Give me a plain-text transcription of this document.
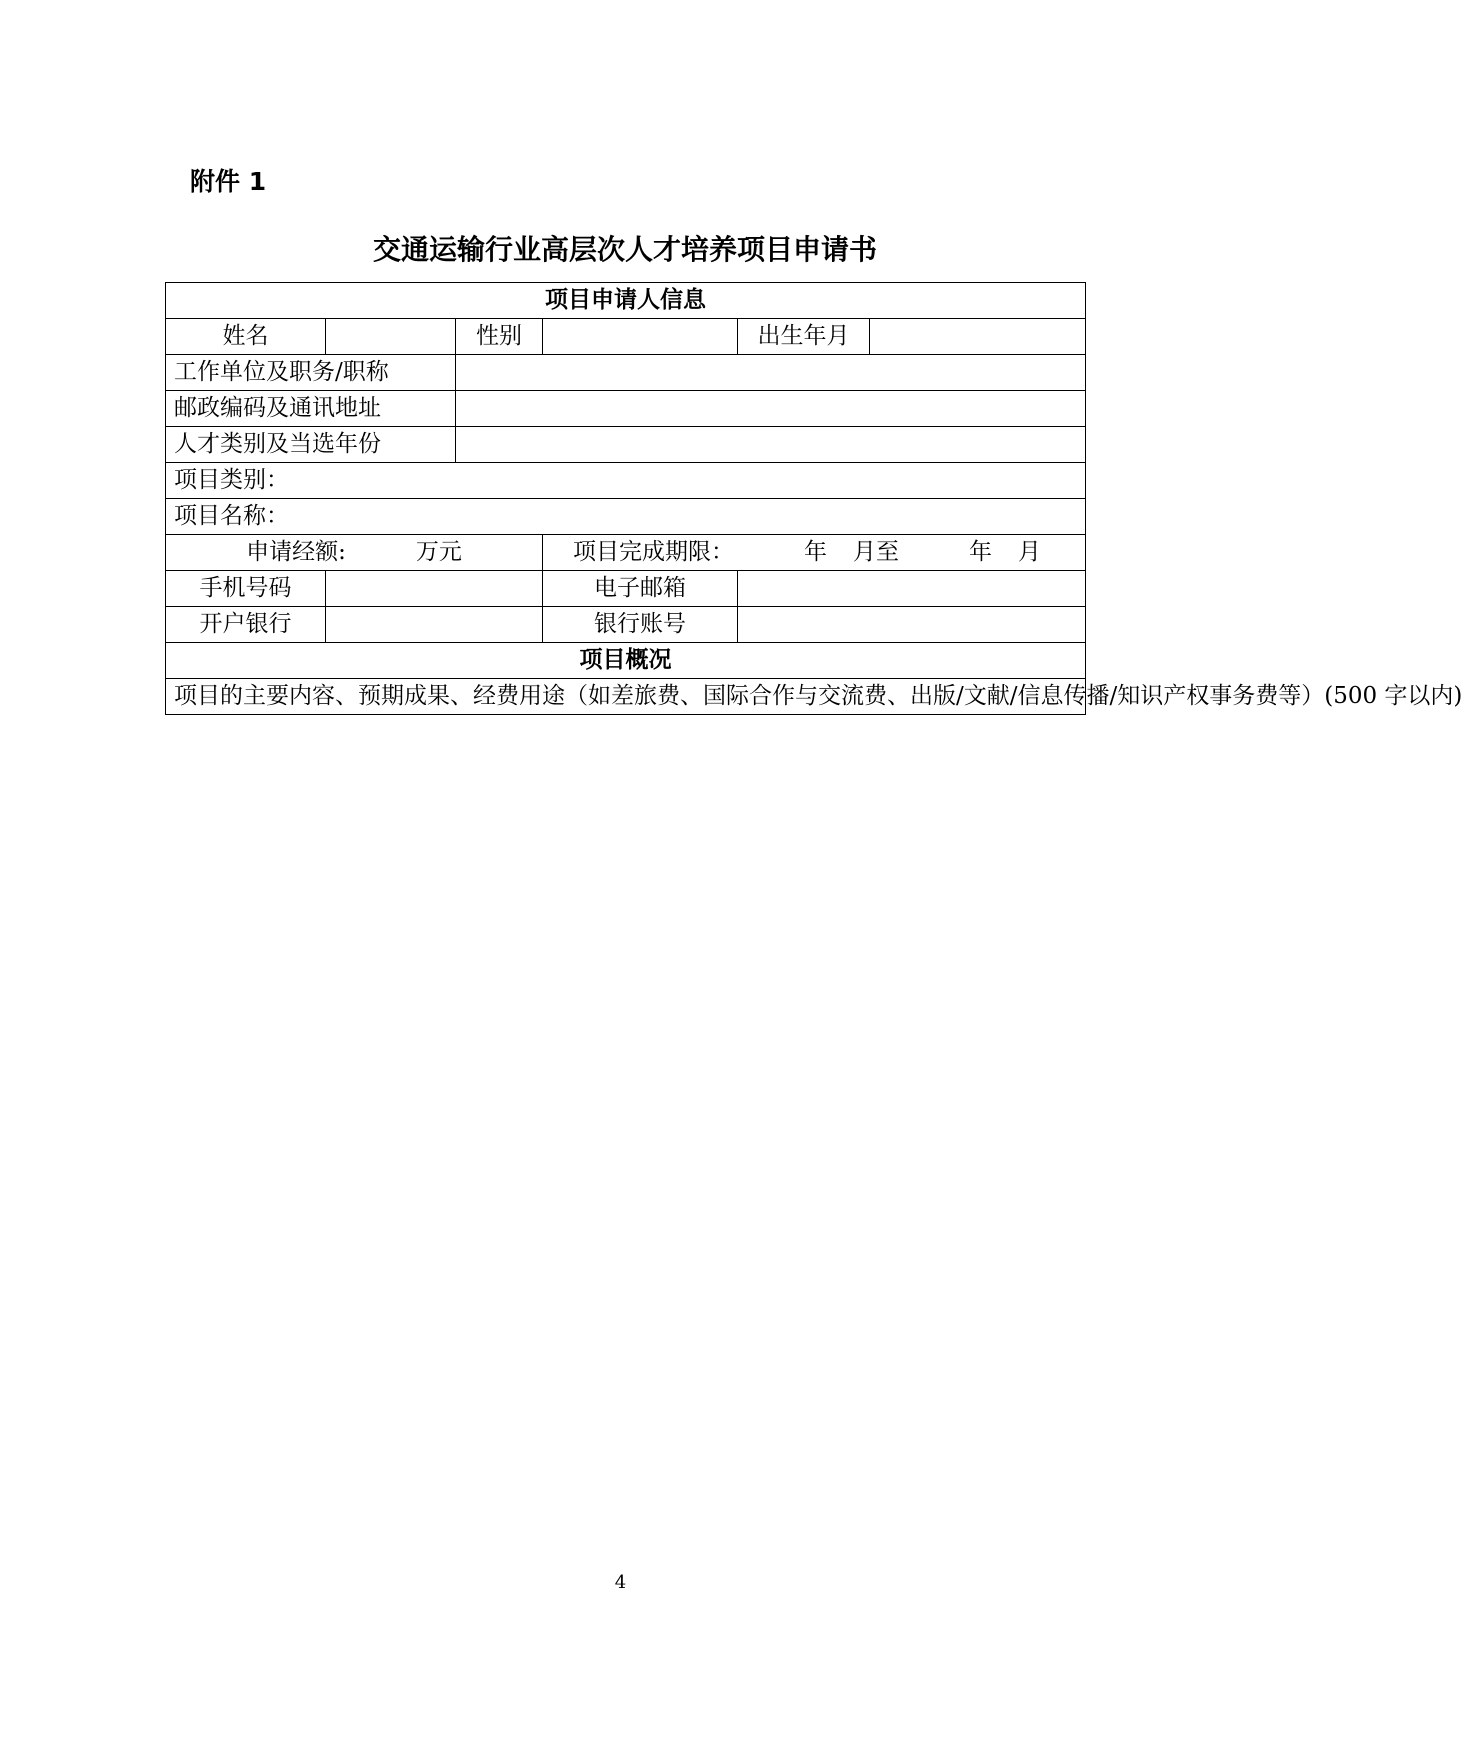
附件 1
交通运输行业高层次人才培养项目申请书
项目申请人信息					
姓名		性别		出生年月	
工作单位及职务/职称					
邮政编码及通讯地址					
人才类别及当选年份					
项目类别：					
项目名称：					
申请经额: 万元			项目完成期限： 年 月至 年 月		
手机号码			电子邮箱		
开户银行			银行账号		
项目概况					
项目的主要内容、预期成果、经费用途（如差旅费、国际合作与交流费、出版/文献/信息传播/知识产权事务费等）(500 字以内)					
4
